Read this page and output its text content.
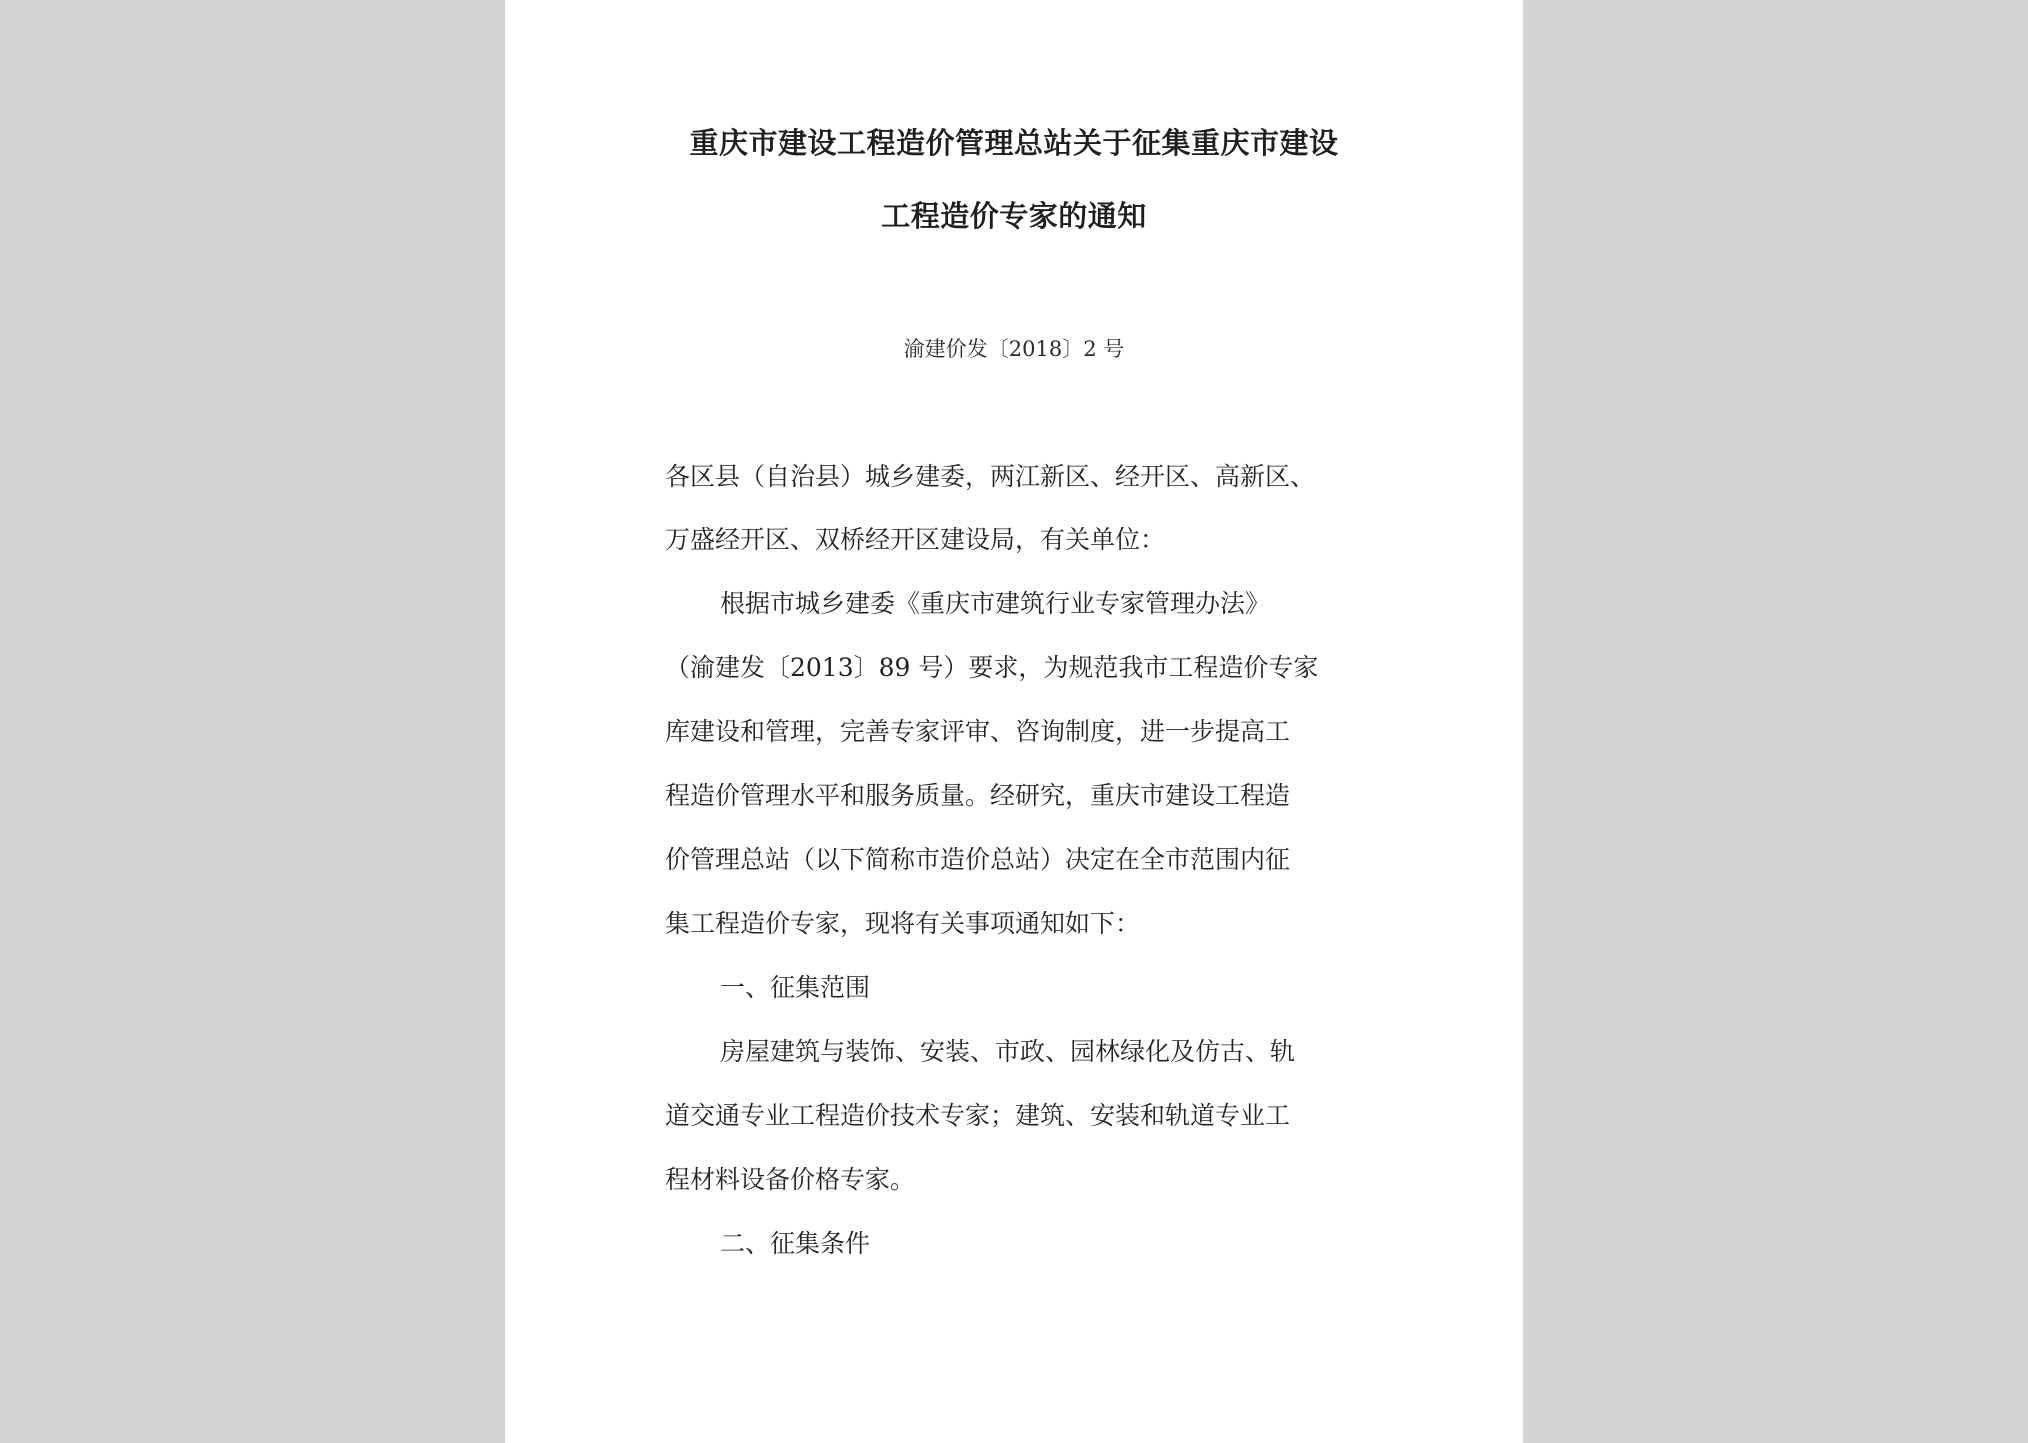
重庆市建设工程造价管理总站关于征集重庆市建设
工程造价专家的通知
渝建价发〔2018〕2 号
各区县（自治县）城乡建委，两江新区、经开区、高新区、
万盛经开区、双桥经开区建设局，有关单位：
根据市城乡建委《重庆市建筑行业专家管理办法》
（渝建发〔2013〕89 号）要求，为规范我市工程造价专家
库建设和管理，完善专家评审、咨询制度，进一步提高工
程造价管理水平和服务质量。经研究，重庆市建设工程造
价管理总站（以下简称市造价总站）决定在全市范围内征
集工程造价专家，现将有关事项通知如下：
一、征集范围
房屋建筑与装饰、安装、市政、园林绿化及仿古、轨
道交通专业工程造价技术专家；建筑、安装和轨道专业工
程材料设备价格专家。
二、征集条件
